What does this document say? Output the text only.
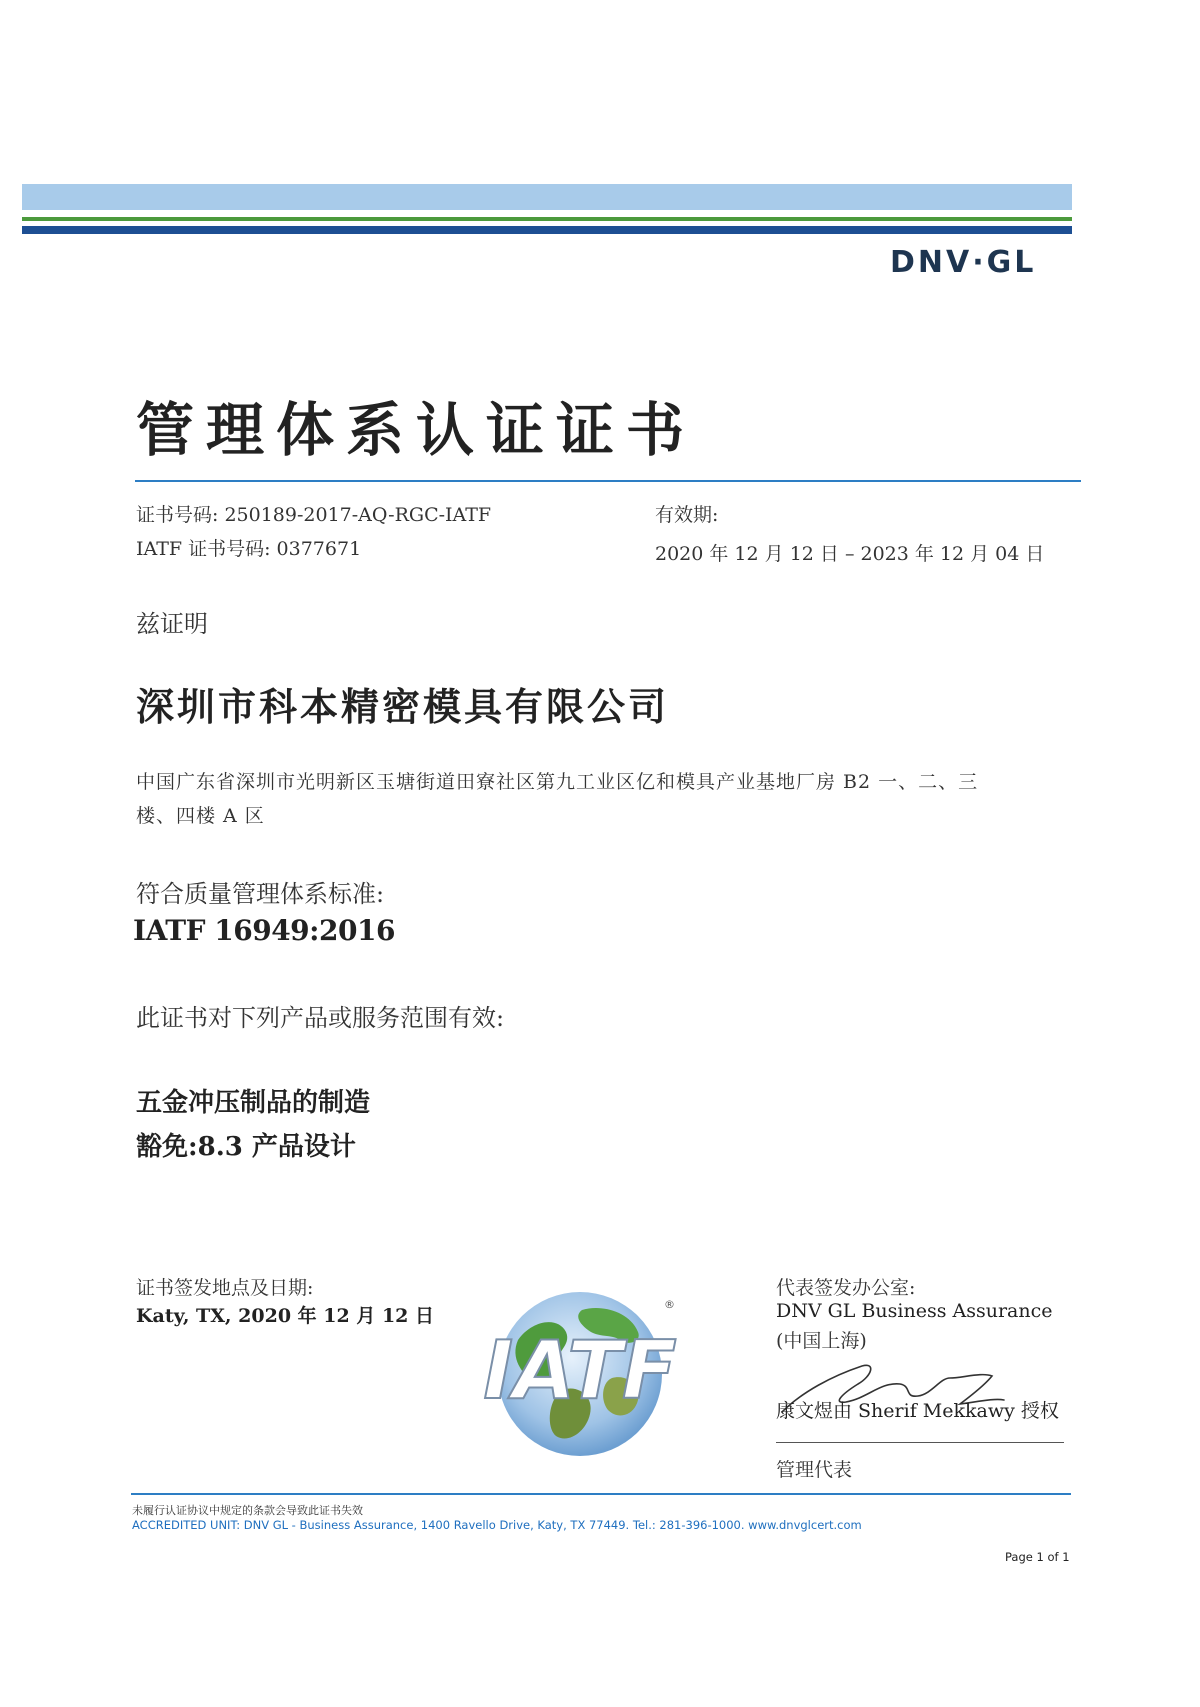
DNV·GL
管理体系认证证书
证书号码: 250189-2017-AQ-RGC-IATF
IATF 证书号码: 0377671
有效期:
2020 年 12 月 12 日 – 2023 年 12 月 04 日
兹证明
深圳市科本精密模具有限公司
中国广东省深圳市光明新区玉塘街道田寮社区第九工业区亿和模具产业基地厂房 B2 一、二、三
楼、四楼 A 区
符合质量管理体系标准:
IATF 16949:2016
此证书对下列产品或服务范围有效:
五金冲压制品的制造
豁免:8.3 产品设计
证书签发地点及日期:
Katy, TX, 2020 年 12 月 12 日
IATF
®
代表签发办公室:
DNV GL Business Assurance
(中国上海)
康文煜由 Sherif Mekkawy 授权
管理代表
未履行认证协议中规定的条款会导致此证书失效
ACCREDITED UNIT: DNV GL - Business Assurance, 1400 Ravello Drive, Katy, TX 77449. Tel.: 281-396-1000. www.dnvglcert.com
Page 1 of 1
